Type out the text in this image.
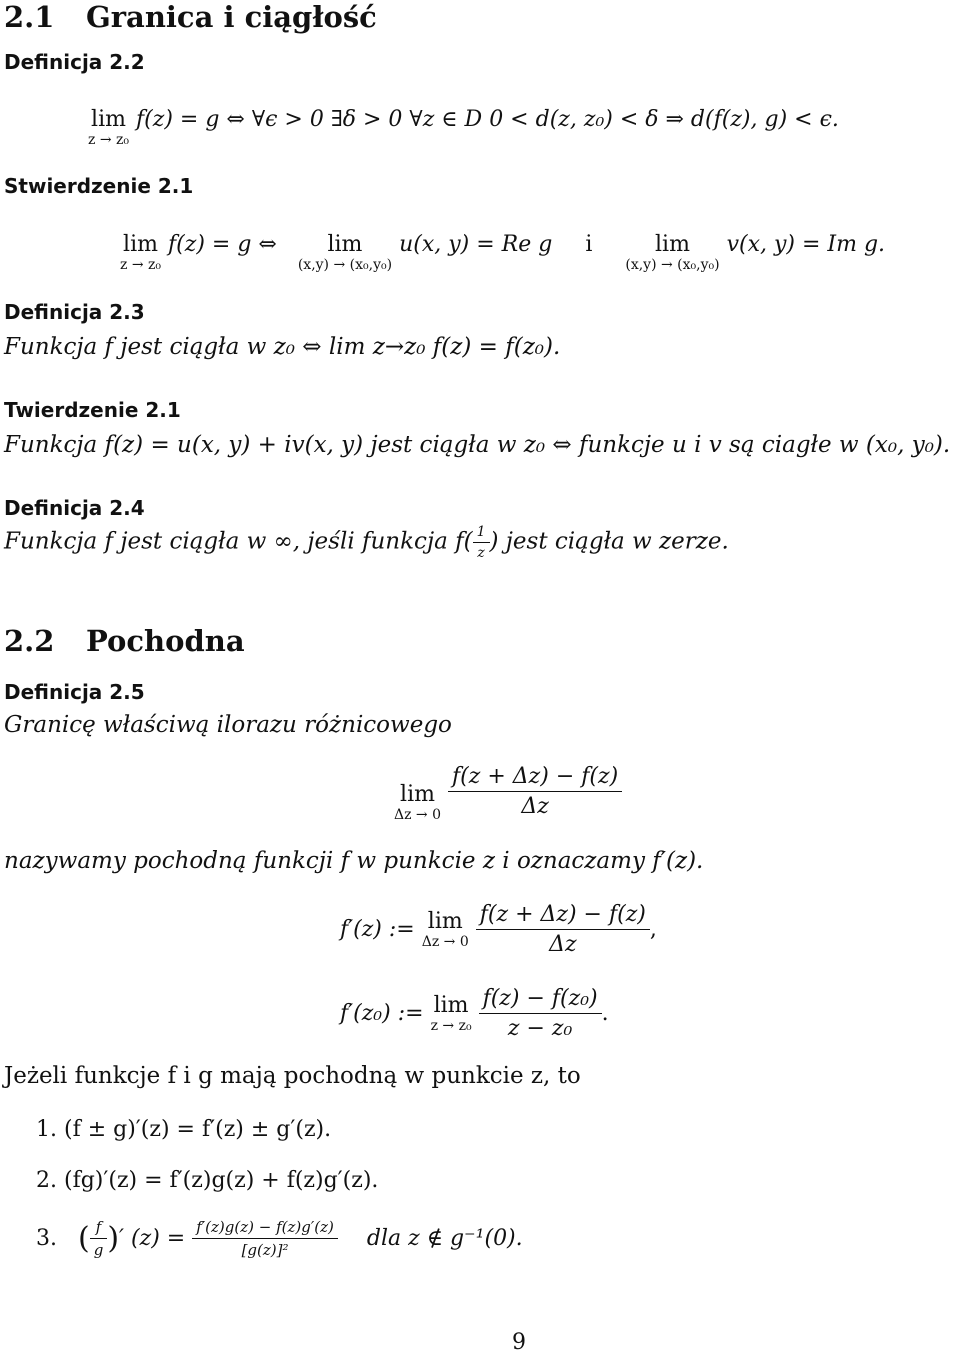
2.1 Granica i ciągłość
Definicja 2.2
lim
z → z₀
f(z) = g ⇔ ∀ϵ > 0 ∃δ > 0 ∀z ∈ D 0 < d(z, z₀) < δ ⇒ d(f(z), g) < ϵ.
Stwierdzenie 2.1
lim
z → z₀
f(z) = g ⇔	lim
(x,y) → (x₀,y₀)
u(x, y) = Re g i	lim
(x,y) → (x₀,y₀)
v(x, y) = Im g.
Definicja 2.3
Funkcja f jest ciągła w z₀ ⇔ lim z→z₀ f(z) = f(z₀).
Twierdzenie 2.1
Funkcja f(z) = u(x, y) + iv(x, y) jest ciągła w z₀ ⇔ funkcje u i v są ciagłe w (x₀, y₀).
Definicja 2.4
Funkcja f jest ciągła w ∞, jeśli funkcja $f( \frac{1}{z}$ ) jest ciągła w zerze.
2.2 Pochodna
Definicja 2.5
Granicę właściwą ilorazu różnicowego
lim
Δz → 0
$\frac{f(z + \Delta z) - f(z)}{\Delta z}$
nazywamy pochodną funkcji f w punkcie z i oznaczamy f′(z).
f′(z) := lim
Δz → 0
$\frac{f(z + \Delta z) - f(z)}{\Delta z}$ ,
f′(z₀) := lim
z → z₀
$\frac{\text{f(z) − f(z₀)}}{\text{z − z₀}}$ .
Jeżeli funkcje f i g mają pochodną w punkcie z, to
1. (f ± g)′(z) = f′(z) ± g′(z).
2. (fg)′(z) = f′(z)g(z) + f(z)g′(z).
3. ( $\frac{f}{g}$ )′ $(z) = \frac{f'(z)g(z) - f(z)g'(z)}{\text{[g(z)]²}}$ dla z ∉ g⁻¹(0).
9
